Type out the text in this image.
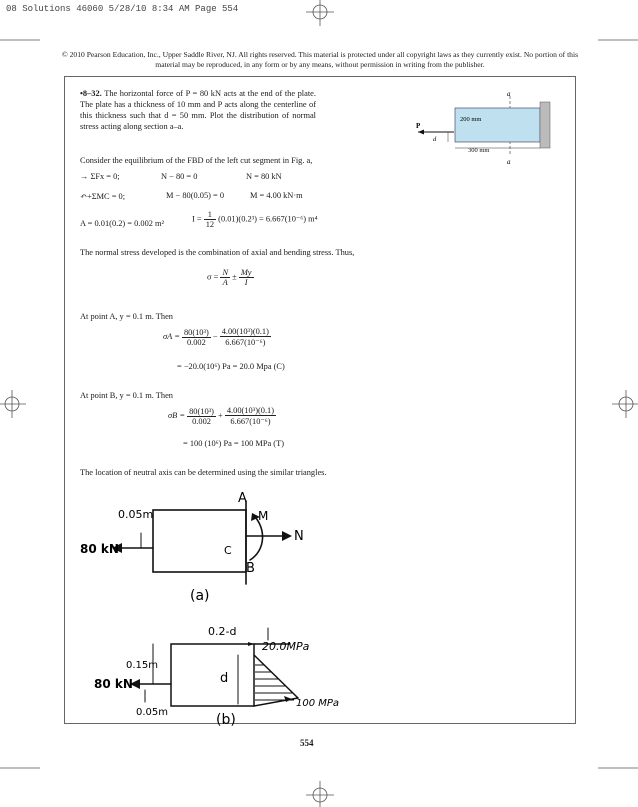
08 Solutions 46060 5/28/10 8:34 AM Page 554
© 2010 Pearson Education, Inc., Upper Saddle River, NJ. All rights reserved. This material is protected under all copyright laws as they currently exist. No portion of this material may be reproduced, in any form or by any means, without permission in writing from the publisher.
•8–32. The horizontal force of P = 80 kN acts at the end of the plate. The plate has a thickness of 10 mm and P acts along the centerline of this thickness such that d = 50 mm. Plot the distribution of normal stress acting along section a–a.
a
a
P
d
200 mm
300 mm
Consider the equilibrium of the FBD of the left cut segment in Fig. a,
→ ΣFx = 0;	N − 80 = 0	N = 80 kN
↶+ΣMC = 0;	M − 80(0.05) = 0	M = 4.00 kN·m
A = 0.01(0.2) = 0.002 m²
$I = \frac{1}{12} (0.01)(0.2^3) = 6.667(10^{-6})$ m⁴
The normal stress developed is the combination of axial and bending stress. Thus,
$\sigma = \frac{N}{A} \pm \frac{My}{I}$
At point A, y = 0.1 m. Then
$\sigma A = \frac{\text{80(10³)}}{0.002} - \frac{\text{4.00(10³)(0.1)}}{\text{6.667(10⁻⁶)}}$
= −20.0(10⁶) Pa = 20.0 Mpa (C)
At point B, y = 0.1 m. Then
$\sigma B = \frac{\text{80(10³)}}{0.002} + \frac{\text{4.00(10³)(0.1)}}{\text{6.667(10⁻⁶)}}$
= 100 (10⁶) Pa = 100 MPa (T)
The location of neutral axis can be determined using the similar triangles.
0.05m
80 kN
A
M
N
C
B
(a)
0.2-d
20.0MPa
0.15m
d
80 kN
0.05m
100 MPa
(b)
554
